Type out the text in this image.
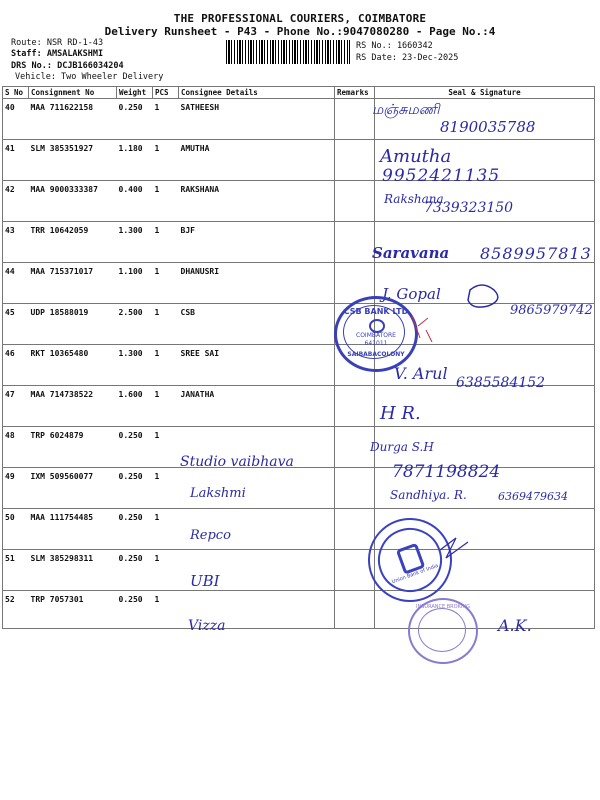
THE PROFESSIONAL COURIERS, COIMBATORE
Delivery Runsheet - P43 - Phone No.:9047080280 - Page No.:4
Route: NSR RD-1-43
Staff: AMSALAKSHMI
DRS No.: DCJB166034204
Vehicle: Two Wheeler Delivery
RS No.: 1660342
RS Date: 23-Dec-2025
S No	Consignment No	Weight	PCS	Consignee Details	Remarks	Seal & Signature
40	MAA 711622158	0.250	1	SATHEESH		
41	SLM 385351927	1.180	1	AMUTHA		
42	MAA 9000333387	0.400	1	RAKSHANA		
43	TRR 10642059	1.300	1	BJF		
44	MAA 715371017	1.100	1	DHANUSRI		
45	UDP 18588019	2.500	1	CSB		
46	RKT 10365480	1.300	1	SREE SAI		
47	MAA 714738522	1.600	1	JANATHA		
48	TRP 6024879	0.250	1			
49	IXM 509560077	0.250	1			
50	MAA 111754485	0.250	1			
51	SLM 385298311	0.250	1			
52	TRP 7057301	0.250	1			
மஞ்சுமணி
8190035788
Amutha
9952421135
Rakshana
7339323150
Saravana 8589957813
J. Gopal
9865979742
V. Arul 6385584152
H R.
Studio vaibhava
Durga S.H
7871198824
Lakshmi	Sandhiya. R.	6369479634
Repco
UBI
Vizza	A.K.
CSB BANK LTD
COIMBATORE
641011
SAIBABACOLONY
Union Bank of India
INSURANCE BROKING
